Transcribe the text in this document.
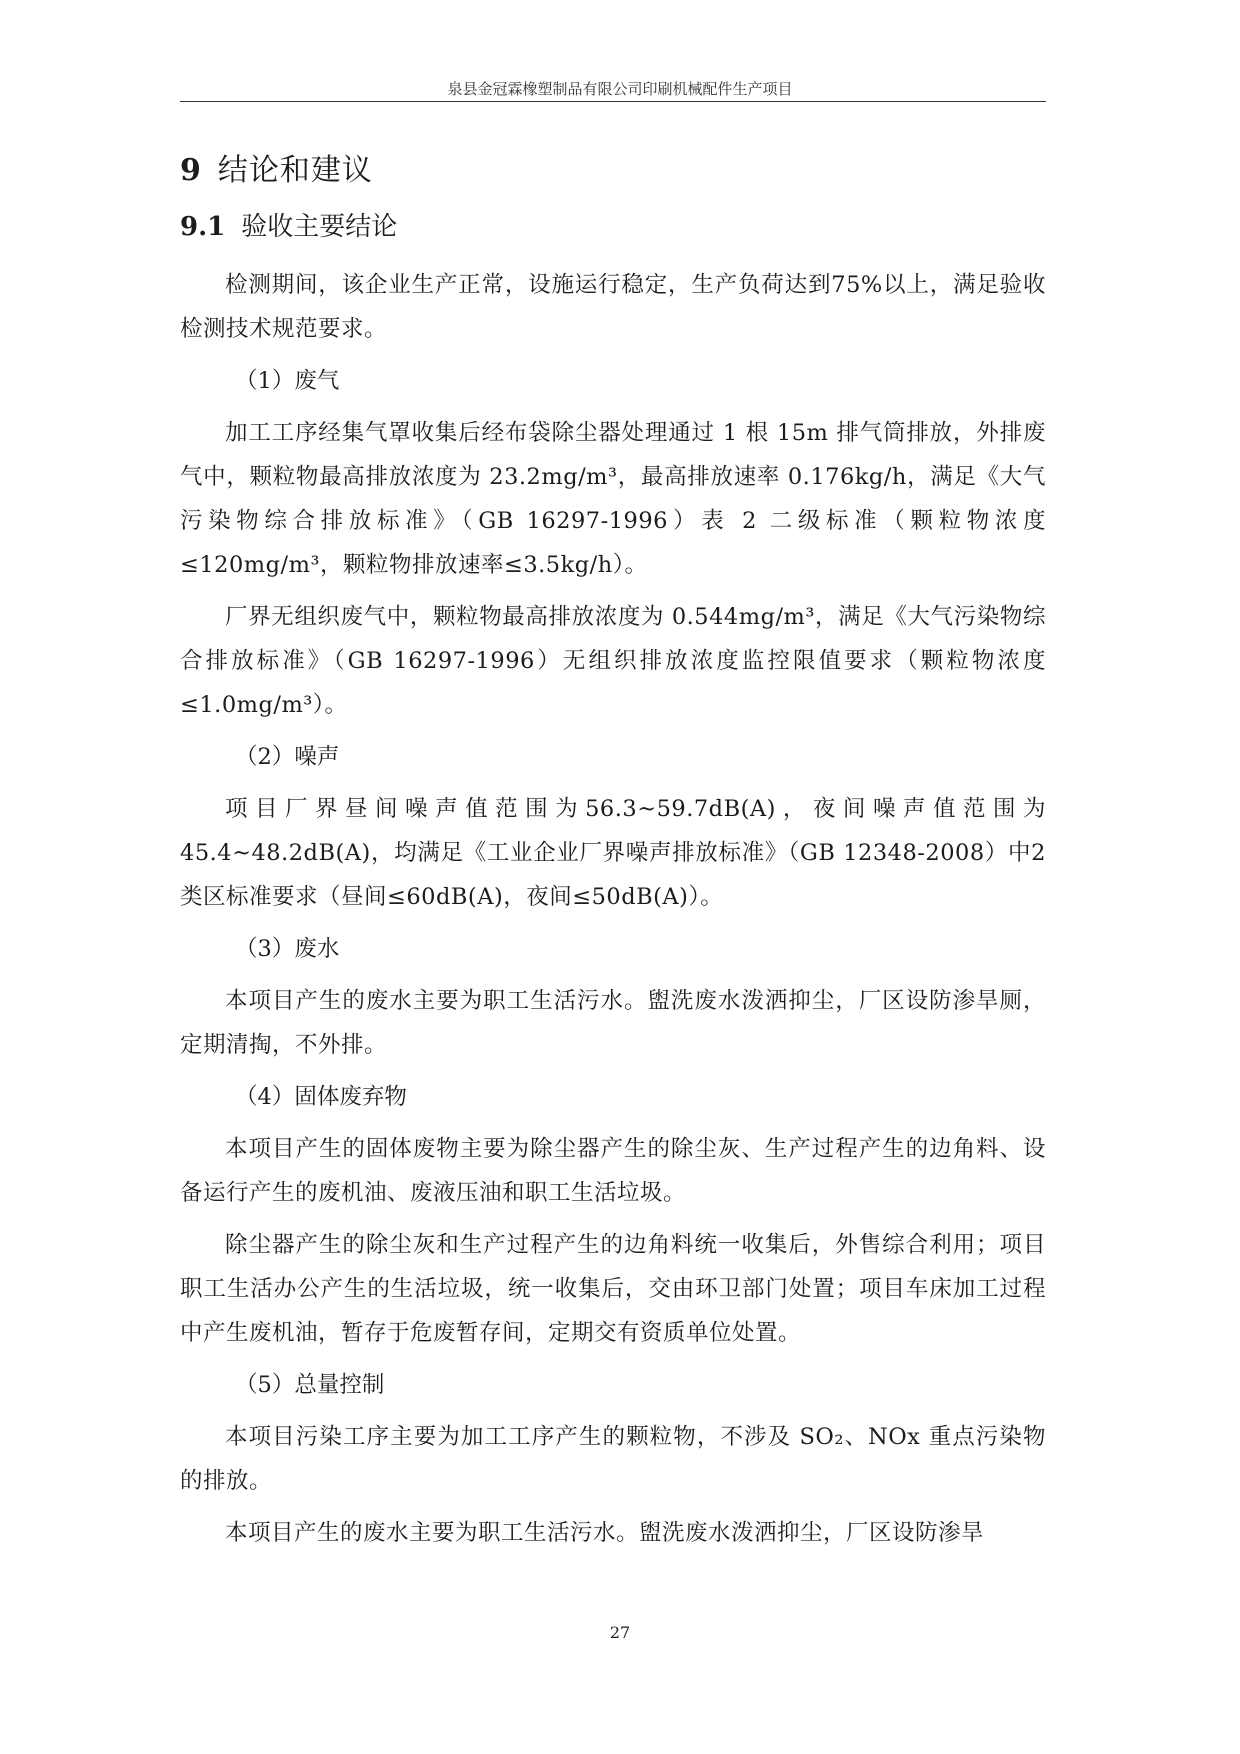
泉县金冠霖橡塑制品有限公司印刷机械配件生产项目
9 结论和建议
9.1 验收主要结论

检测期间，该企业生产正常，设施运行稳定，生产负荷达到75%以上，满足验收检测技术规范要求。

（1）废气

加工工序经集气罩收集后经布袋除尘器处理通过 1 根 15m 排气筒排放，外排废气中，颗粒物最高排放浓度为 23.2mg/m³，最高排放速率 0.176kg/h，满足《大气污染物综合排放标准》（GB 16297-1996）表 2 二级标准（颗粒物浓度≤120mg/m³，颗粒物排放速率≤3.5kg/h）。

厂界无组织废气中，颗粒物最高排放浓度为 0.544mg/m³，满足《大气污染物综合排放标准》（GB 16297-1996）无组织排放浓度监控限值要求（颗粒物浓度≤1.0mg/m³）。

（2）噪声

项目厂界昼间噪声值范围为56.3~59.7dB(A)，夜间噪声值范围为45.4~48.2dB(A)，均满足《工业企业厂界噪声排放标准》（GB 12348-2008）中2类区标准要求（昼间≤60dB(A)，夜间≤50dB(A)）。

（3）废水

本项目产生的废水主要为职工生活污水。盥洗废水泼洒抑尘，厂区设防渗旱厕，定期清掏，不外排。

（4）固体废弃物

本项目产生的固体废物主要为除尘器产生的除尘灰、生产过程产生的边角料、设备运行产生的废机油、废液压油和职工生活垃圾。

除尘器产生的除尘灰和生产过程产生的边角料统一收集后，外售综合利用；项目职工生活办公产生的生活垃圾，统一收集后，交由环卫部门处置；项目车床加工过程中产生废机油，暂存于危废暂存间，定期交有资质单位处置。

（5）总量控制

本项目污染工序主要为加工工序产生的颗粒物，不涉及 SO₂、NOx 重点污染物的排放。

本项目产生的废水主要为职工生活污水。盥洗废水泼洒抑尘，厂区设防渗旱

27
